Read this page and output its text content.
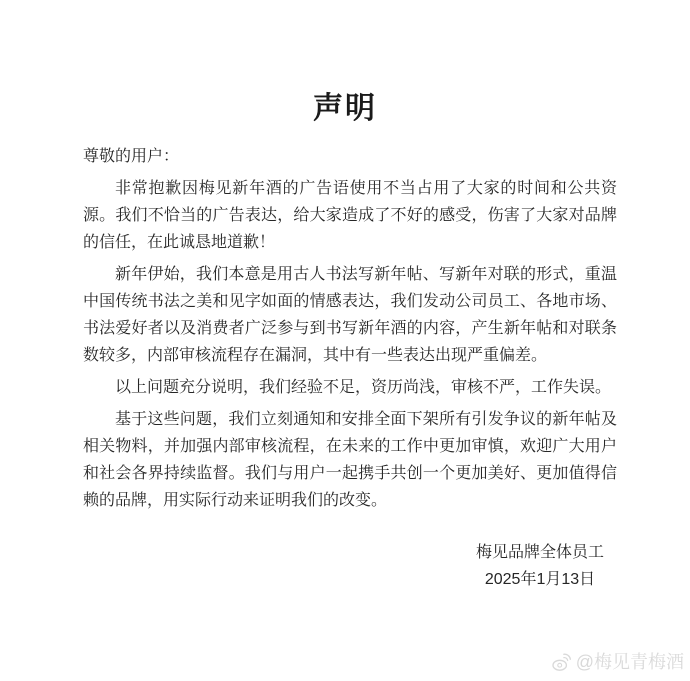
声明

尊敬的用户：

非常抱歉因梅见新年酒的广告语使用不当占用了大家的时间和公共资源。我们不恰当的广告表达，给大家造成了不好的感受，伤害了大家对品牌的信任，在此诚恳地道歉！

新年伊始，我们本意是用古人书法写新年帖、写新年对联的形式，重温中国传统书法之美和见字如面的情感表达，我们发动公司员工、各地市场、书法爱好者以及消费者广泛参与到书写新年酒的内容，产生新年帖和对联条数较多，内部审核流程存在漏洞，其中有一些表达出现严重偏差。

以上问题充分说明，我们经验不足，资历尚浅，审核不严，工作失误。

基于这些问题，我们立刻通知和安排全面下架所有引发争议的新年帖及相关物料，并加强内部审核流程，在未来的工作中更加审慎，欢迎广大用户和社会各界持续监督。我们与用户一起携手共创一个更加美好、更加值得信赖的品牌，用实际行动来证明我们的改变。

梅见品牌全体员工

2025年1月13日

@梅见青梅酒
